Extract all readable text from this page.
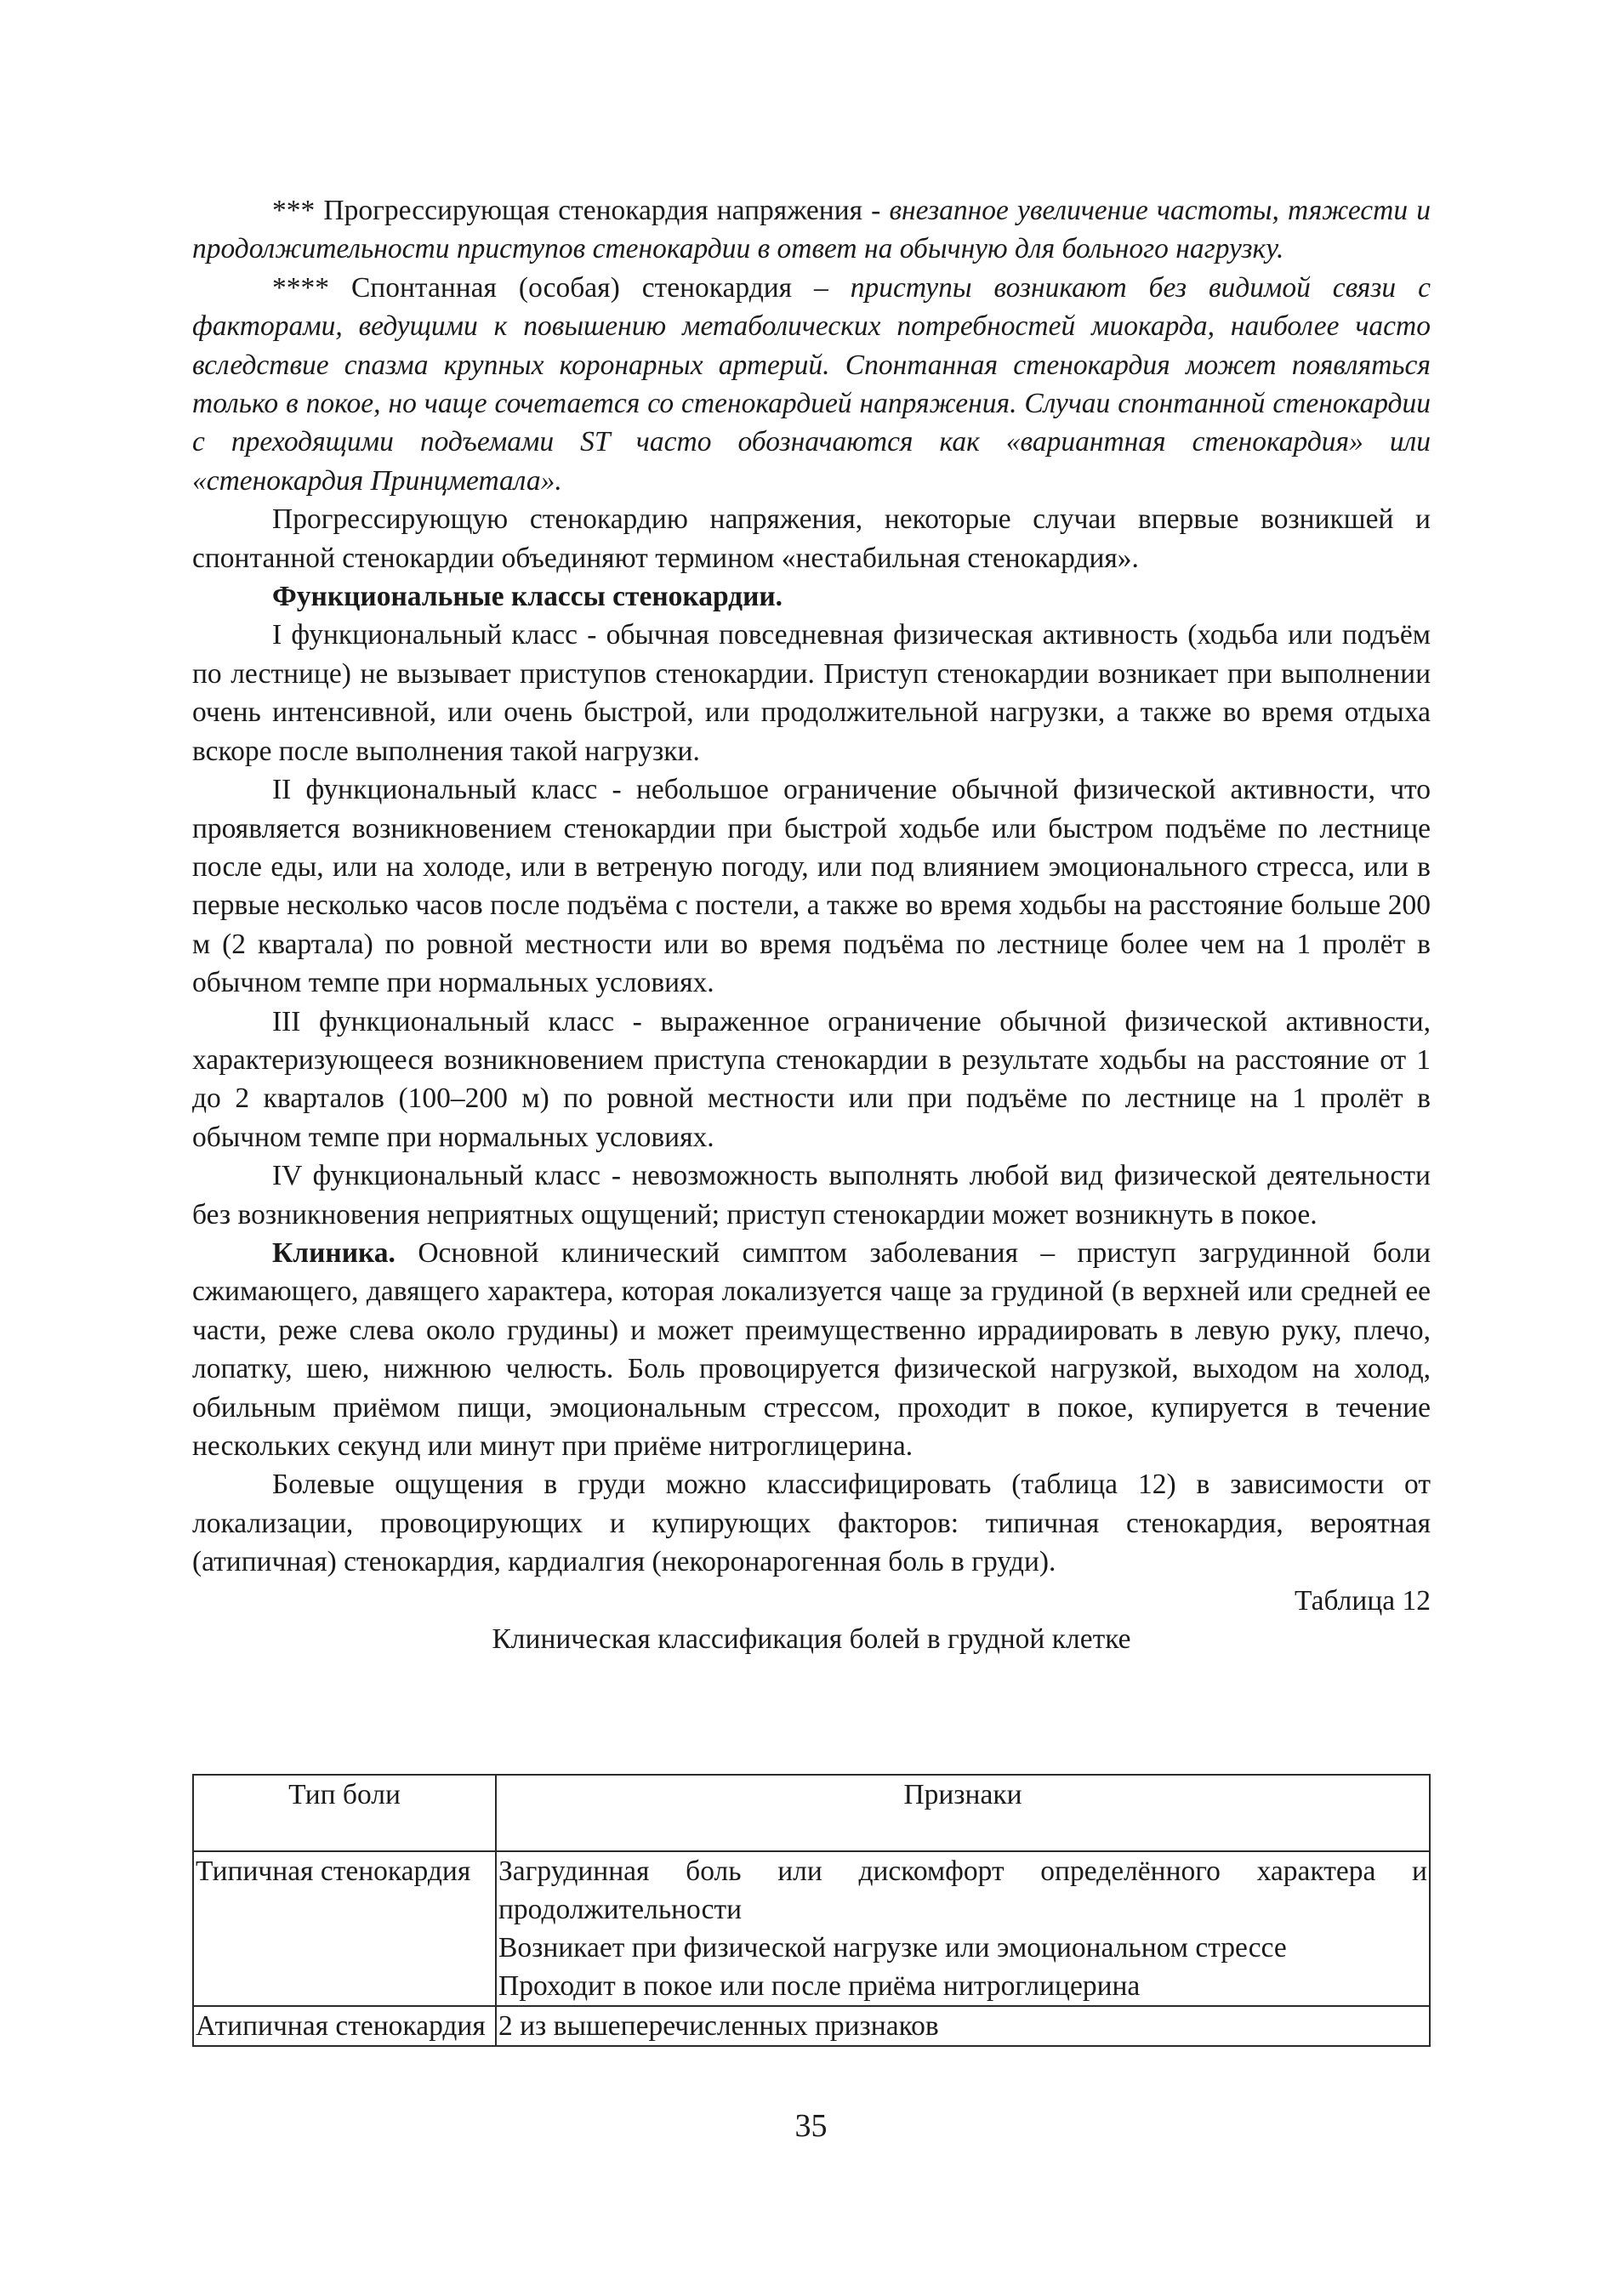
*** Прогрессирующая стенокардия напряжения - внезапное увеличение частоты, тяжести и продолжительности приступов стенокардии в ответ на обычную для больного нагрузку.

**** Спонтанная (особая) стенокардия – приступы возникают без видимой связи с факторами, ведущими к повышению метаболических потребностей миокарда, наиболее часто вследствие спазма крупных коронарных артерий. Спонтанная стенокардия может появляться только в покое, но чаще сочетается со стенокардией напряжения. Случаи спонтанной стенокардии с преходящими подъемами ST часто обозначаются как «вариантная стенокардия» или «стенокардия Принцметала».

Прогрессирующую стенокардию напряжения, некоторые случаи впервые возникшей и спонтанной стенокардии объединяют термином «нестабильная стенокардия».

Функциональные классы стенокардии.

I функциональный класс - обычная повседневная физическая активность (ходьба или подъём по лестнице) не вызывает приступов стенокардии. Приступ стенокардии возникает при выполнении очень интенсивной, или очень быстрой, или продолжительной нагрузки, а также во время отдыха вскоре после выполнения такой нагрузки.

II функциональный класс - небольшое ограничение обычной физической активности, что проявляется возникновением стенокардии при быстрой ходьбе или быстром подъёме по лестнице после еды, или на холоде, или в ветреную погоду, или под влиянием эмоционального стресса, или в первые несколько часов после подъёма с постели, а также во время ходьбы на расстояние больше 200 м (2 квартала) по ровной местности или во время подъёма по лестнице более чем на 1 пролёт в обычном темпе при нормальных условиях.

III функциональный класс - выраженное ограничение обычной физической активности, характеризующееся возникновением приступа стенокардии в результате ходьбы на расстояние от 1 до 2 кварталов (100–200 м) по ровной местности или при подъёме по лестнице на 1 пролёт в обычном темпе при нормальных условиях.

IV функциональный класс - невозможность выполнять любой вид физической деятельности без возникновения неприятных ощущений; приступ стенокардии может возникнуть в покое.

Клиника. Основной клинический симптом заболевания – приступ загрудинной боли сжимающего, давящего характера, которая локализуется чаще за грудиной (в верхней или средней ее части, реже слева около грудины) и может преимущественно иррадиировать в левую руку, плечо, лопатку, шею, нижнюю челюсть. Боль провоцируется физической нагрузкой, выходом на холод, обильным приёмом пищи, эмоциональным стрессом, проходит в покое, купируется в течение нескольких секунд или минут при приёме нитроглицерина.

Болевые ощущения в груди можно классифицировать (таблица 12) в зависимости от локализации, провоцирующих и купирующих факторов: типичная стенокардия, вероятная (атипичная) стенокардия, кардиалгия (некоронарогенная боль в груди).

Таблица 12

Клиническая классификация болей в грудной клетке

Тип боли	Признаки
Типичная стенокардия	Загрудинная боль или дискомфорт определённого характера и продолжительности
Возникает при физической нагрузке или эмоциональном стрессе
Проходит в покое или после приёма нитроглицерина

Атипичная стенокардия	2 из вышеперечисленных признаков
35
